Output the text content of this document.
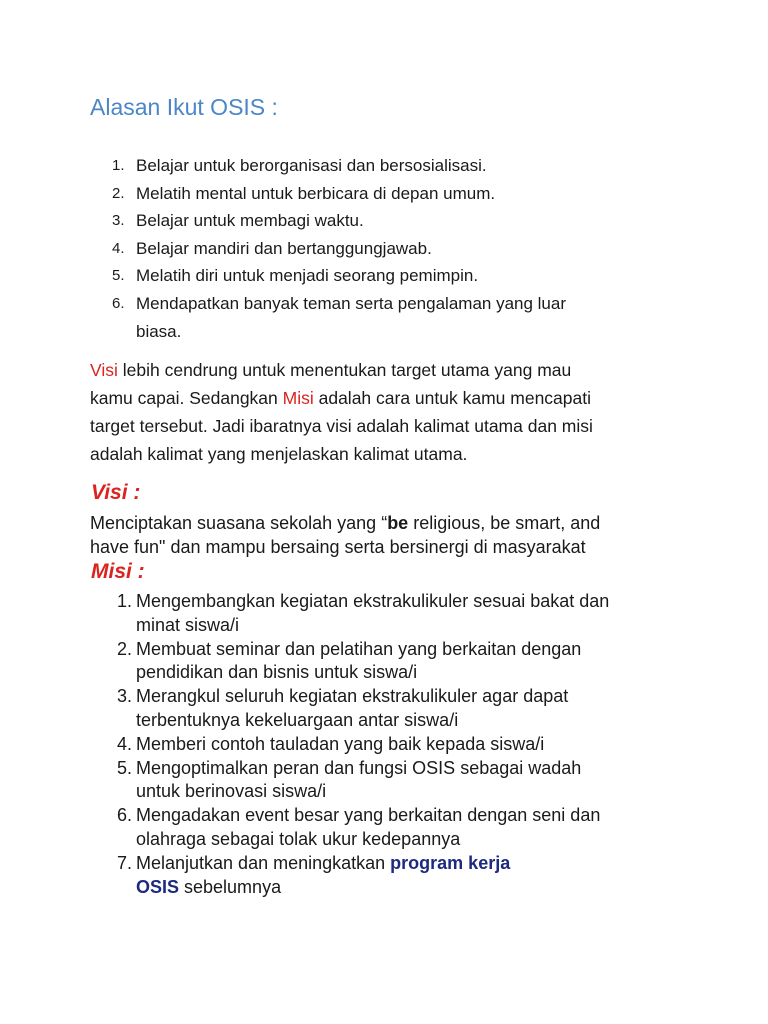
Alasan Ikut OSIS :
1. Belajar untuk berorganisasi dan bersosialisasi.
2. Melatih mental untuk berbicara di depan umum.
3. Belajar untuk membagi waktu.
4. Belajar mandiri dan bertanggungjawab.
5. Melatih diri untuk menjadi seorang pemimpin.
6. Mendapatkan banyak teman serta pengalaman yang luar
biasa.
Visi lebih cendrung untuk menentukan target utama yang mau
kamu capai. Sedangkan Misi adalah cara untuk kamu mencapati
target tersebut. Jadi ibaratnya visi adalah kalimat utama dan misi
adalah kalimat yang menjelaskan kalimat utama.
Visi :
Menciptakan suasana sekolah yang “be religious, be smart, and
have fun" dan mampu bersaing serta bersinergi di masyarakat
Misi :
1. Mengembangkan kegiatan ekstrakulikuler sesuai bakat dan
minat siswa/i
2. Membuat seminar dan pelatihan yang berkaitan dengan
pendidikan dan bisnis untuk siswa/i
3. Merangkul seluruh kegiatan ekstrakulikuler agar dapat
terbentuknya kekeluargaan antar siswa/i
4. Memberi contoh tauladan yang baik kepada siswa/i
5. Mengoptimalkan peran dan fungsi OSIS sebagai wadah
untuk berinovasi siswa/i
6. Mengadakan event besar yang berkaitan dengan seni dan
olahraga sebagai tolak ukur kedepannya
7. Melanjutkan dan meningkatkan program kerja
OSIS sebelumnya
